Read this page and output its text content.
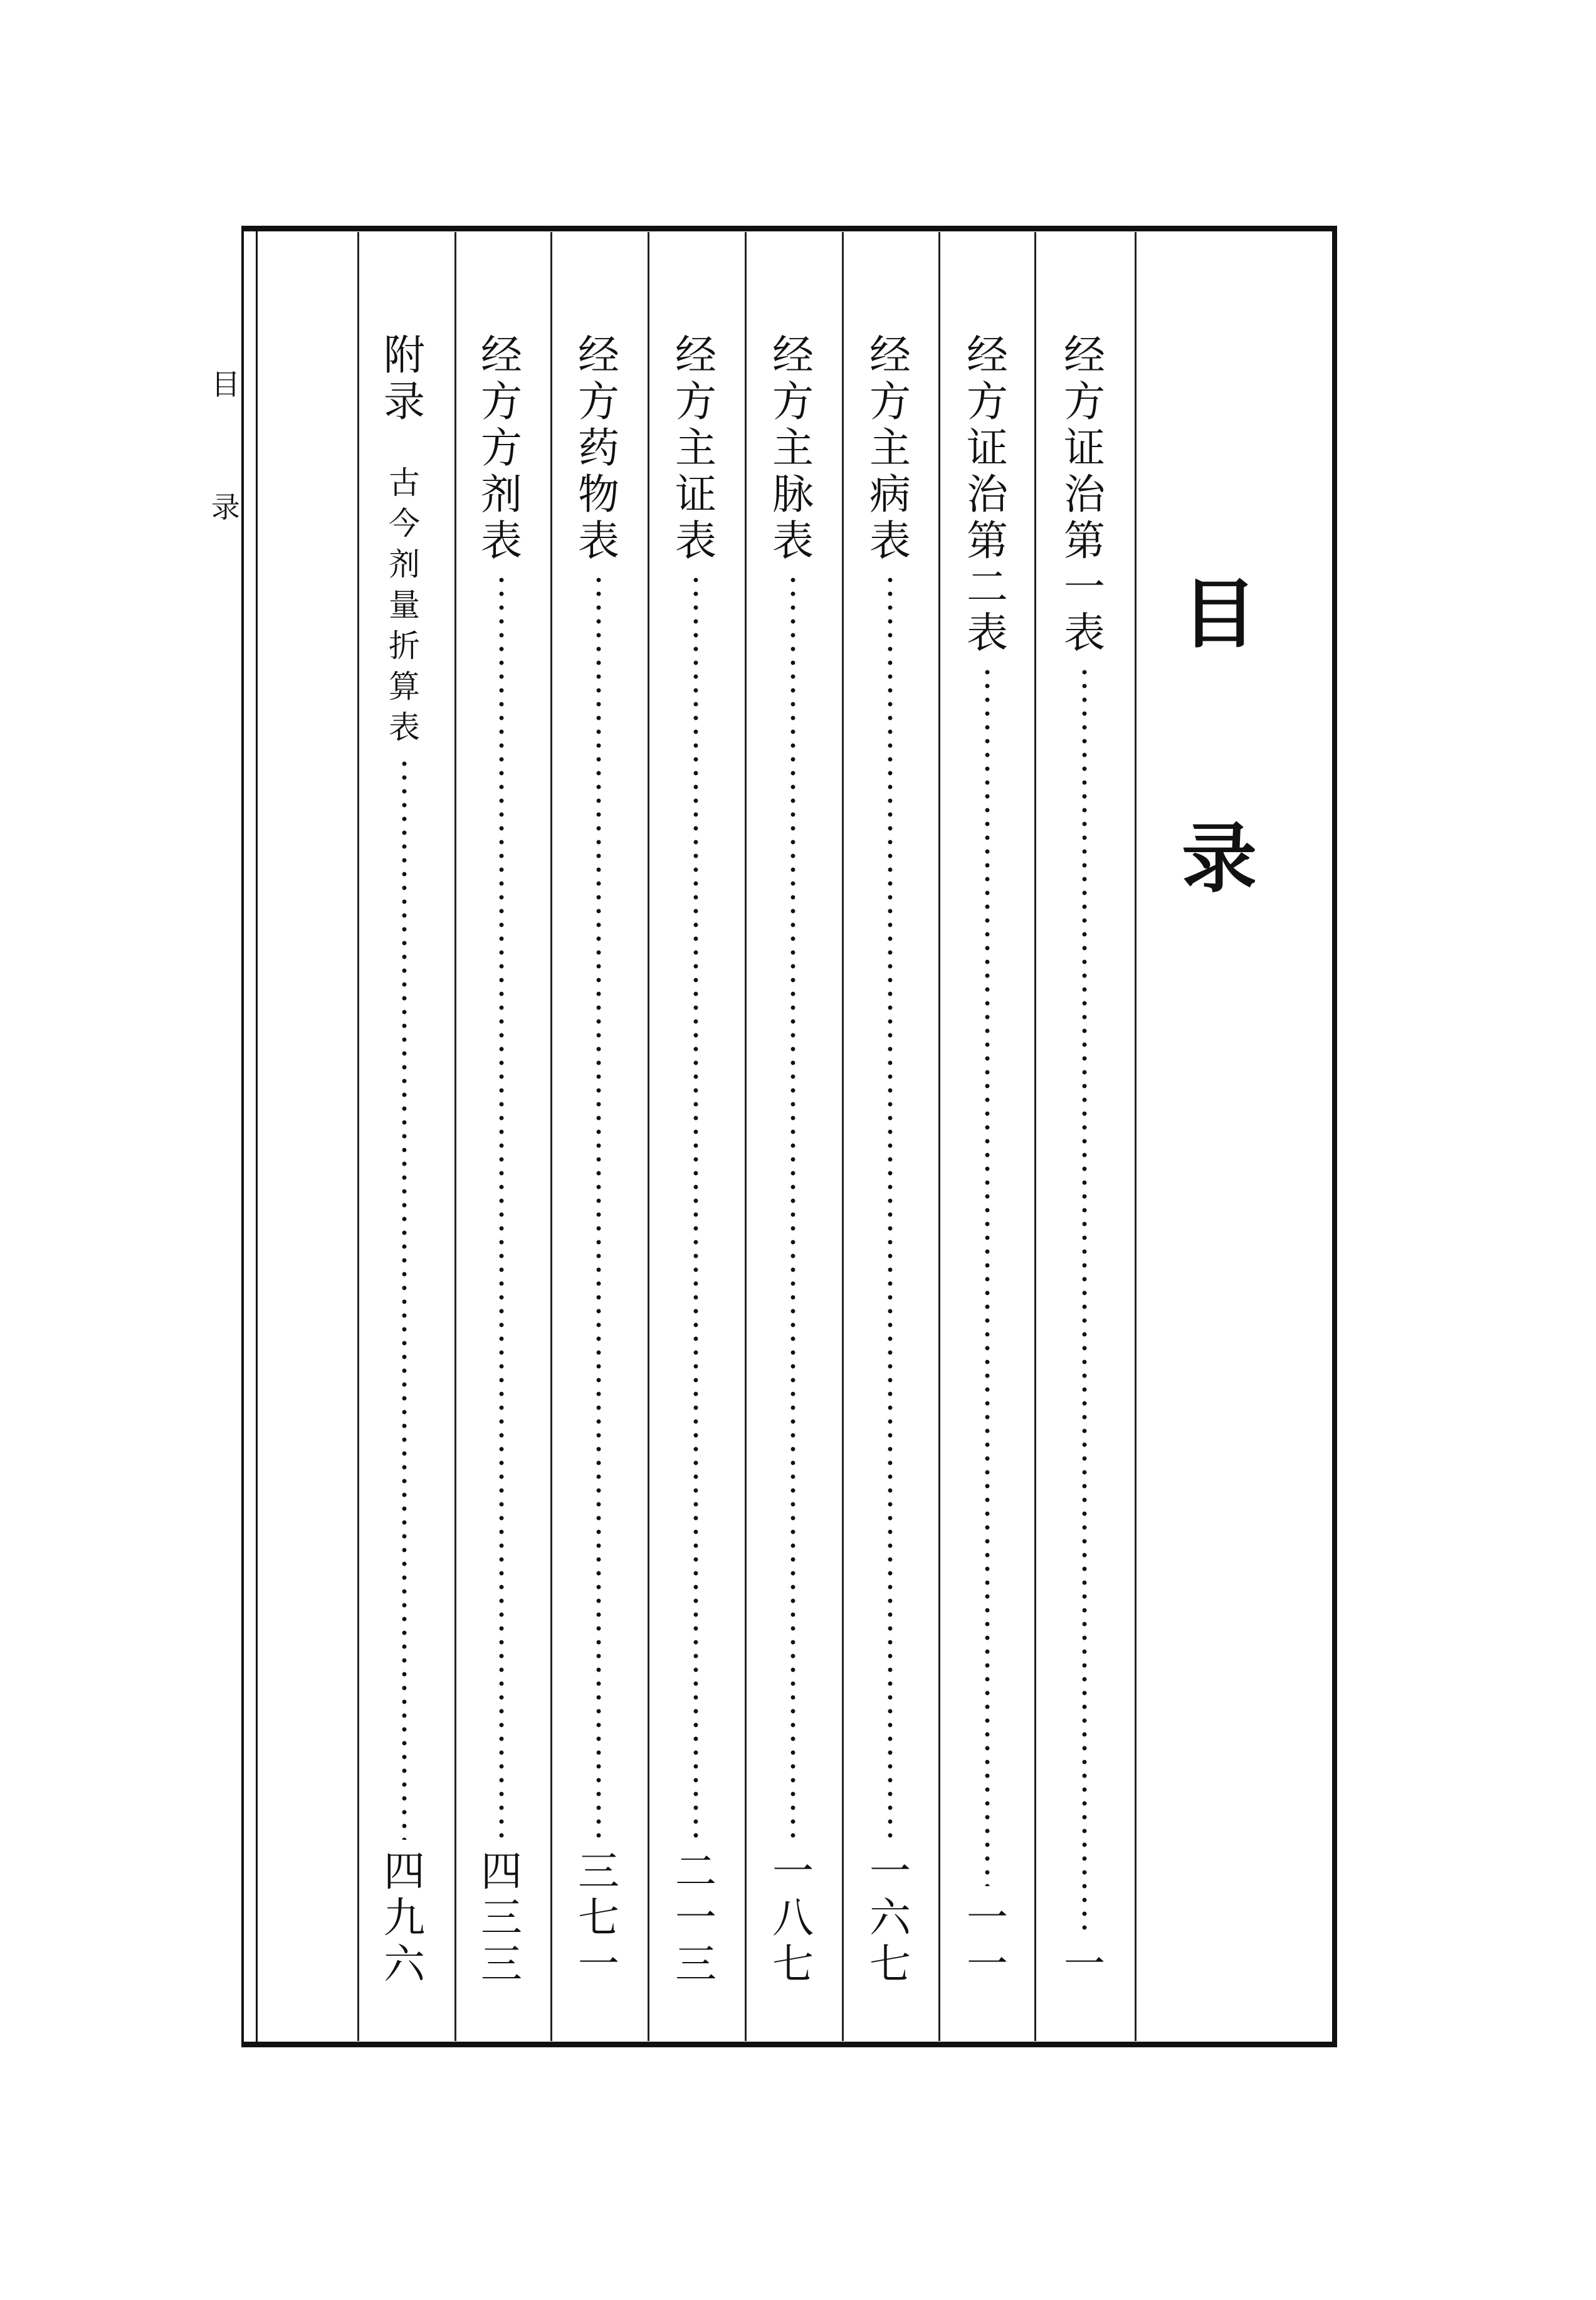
目
录
目
录
经
方
证
治
第
一
表
一
经
方
证
治
第
二
表
一
一
经
方
主
病
表
一
六
七
经
方
主
脉
表
一
八
七
经
方
主
证
表
二
一
三
经
方
药
物
表
三
七
一
经
方
方
剂
表
四
三
三
附
录
古
今
剂
量
折
算
表
四
九
六
